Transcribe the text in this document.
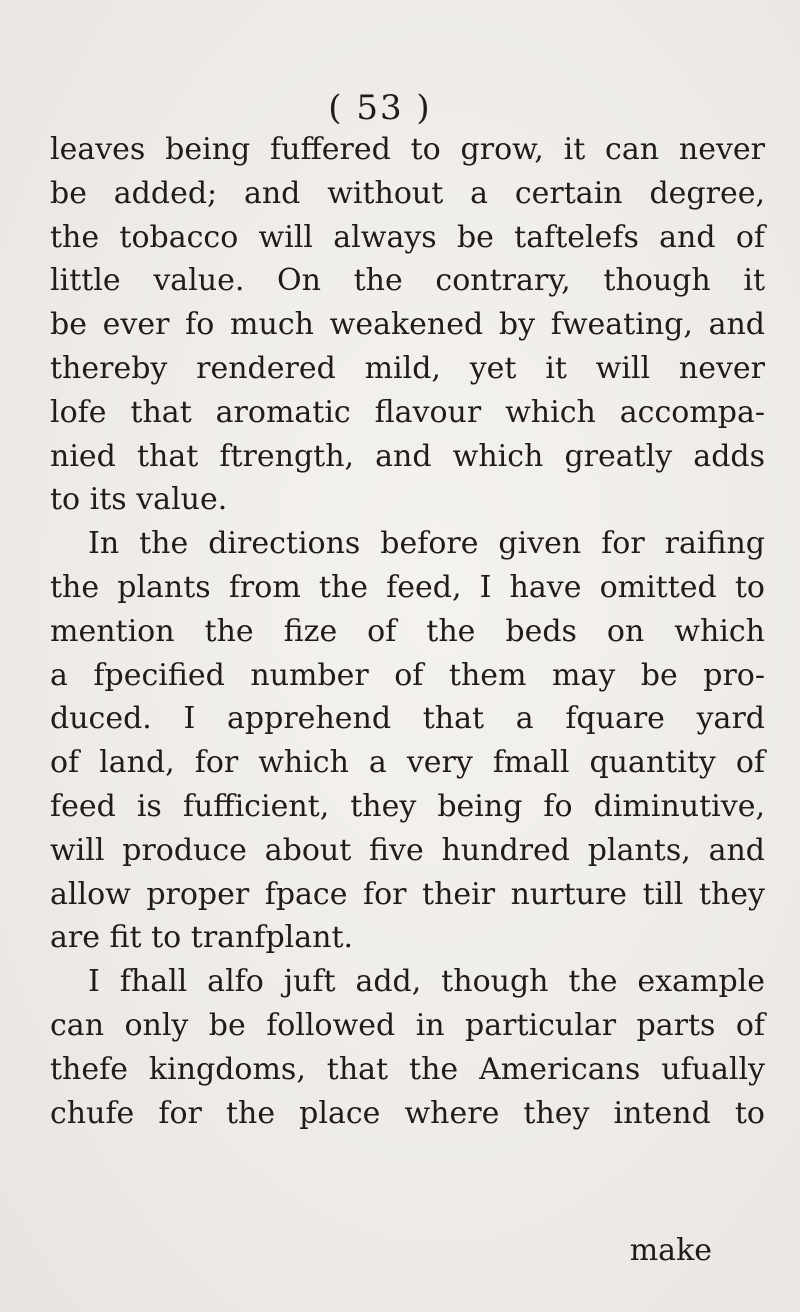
( 53 )
leaves being fuffered to grow, it can never
be added; and without a certain degree,
the tobacco will always be taftelefs and of
little value. On the contrary, though it
be ever fo much weakened by fweating, and
thereby rendered mild, yet it will never
lofe that aromatic flavour which accompa-
nied that ftrength, and which greatly adds
to its value.
In the directions before given for raifing
the plants from the feed, I have omitted to
mention the fize of the beds on which
a fpecified number of them may be pro-
duced. I apprehend that a fquare yard
of land, for which a very fmall quantity of
feed is fufficient, they being fo diminutive,
will produce about five hundred plants, and
allow proper fpace for their nurture till they
are fit to tranfplant.
I fhall alfo juft add, though the example
can only be followed in particular parts of
thefe kingdoms, that the Americans ufually
chufe for the place where they intend to
make
